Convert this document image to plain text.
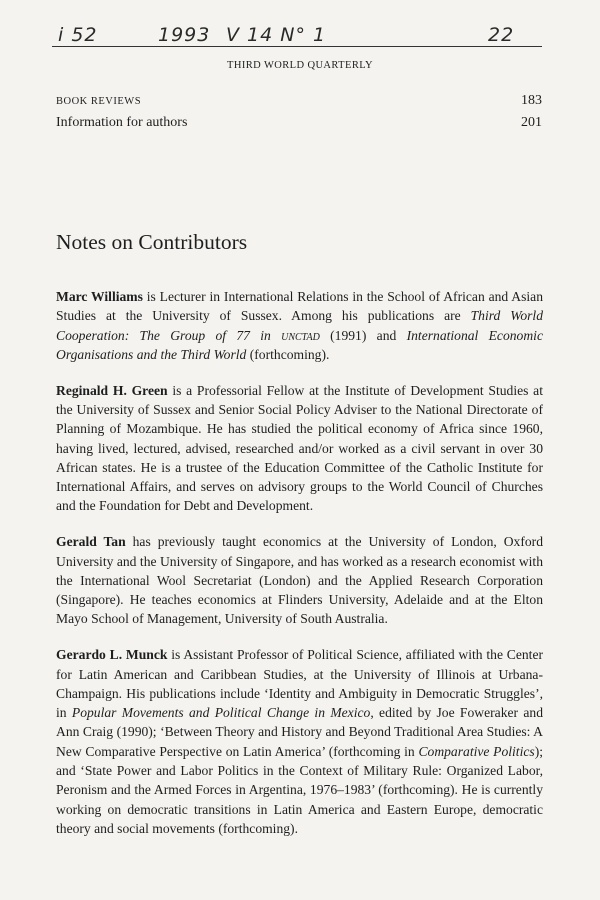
i 52	1993 V 14 N° 1	22
THIRD WORLD QUARTERLY
BOOK REVIEWS	183
Information for authors	201
Notes on Contributors

Marc Williams is Lecturer in International Relations in the School of African and Asian Studies at the University of Sussex. Among his publications are Third World Cooperation: The Group of 77 in unctad (1991) and International Economic Organisations and the Third World (forthcoming).

Reginald H. Green is a Professorial Fellow at the Institute of Development Studies at the University of Sussex and Senior Social Policy Adviser to the National Directorate of Planning of Mozambique. He has studied the political economy of Africa since 1960, having lived, lectured, advised, researched and/or worked as a civil servant in over 30 African states. He is a trustee of the Education Committee of the Catholic Institute for International Affairs, and serves on advisory groups to the World Council of Churches and the Foundation for Debt and Development.

Gerald Tan has previously taught economics at the University of London, Oxford University and the University of Singapore, and has worked as a research economist with the International Wool Secretariat (London) and the Applied Research Corporation (Singapore). He teaches economics at Flinders University, Adelaide and at the Elton Mayo School of Management, University of South Australia.

Gerardo L. Munck is Assistant Professor of Political Science, affiliated with the Center for Latin American and Caribbean Studies, at the University of Illinois at Urbana-Champaign. His publications include ‘Identity and Ambiguity in Democratic Struggles’, in Popular Movements and Political Change in Mexico, edited by Joe Foweraker and Ann Craig (1990); ‘Between Theory and History and Beyond Traditional Area Studies: A New Comparative Perspective on Latin America’ (forthcoming in Comparative Politics); and ‘State Power and Labor Politics in the Context of Military Rule: Organized Labor, Peronism and the Armed Forces in Argentina, 1976–1983’ (forthcoming). He is currently working on democratic transitions in Latin America and Eastern Europe, democratic theory and social movements (forthcoming).
